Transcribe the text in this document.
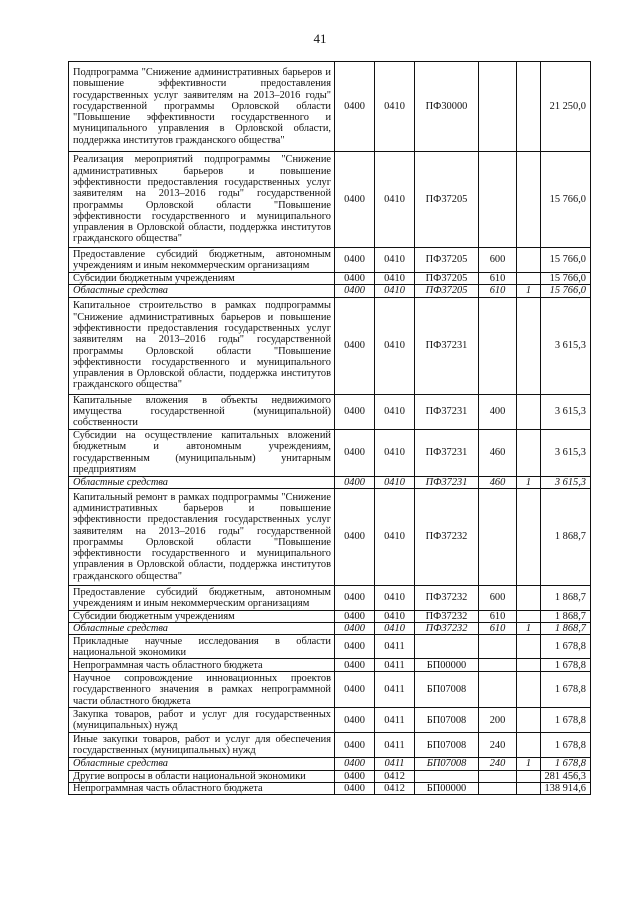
41
Подпрограмма "Снижение административных барьеров и повышение эффективности предоставления государственных услуг заявителям на 2013–2016 годы" государственной программы Орловской области "Повышение эффективности государственного и муниципального управления в Орловской области, поддержка институтов гражданского общества"	0400	0410	ПФ30000			21 250,0
Реализация мероприятий подпрограммы "Снижение административных барьеров и повышение эффективности предоставления государственных услуг заявителям на 2013–2016 годы" государственной программы Орловской области "Повышение эффективности государственного и муниципального управления в Орловской области, поддержка институтов гражданского общества"	0400	0410	ПФ37205			15 766,0
Предоставление субсидий бюджетным, автономным учреждениям и иным некоммерческим организациям	0400	0410	ПФ37205	600		15 766,0
Субсидии бюджетным учреждениям	0400	0410	ПФ37205	610		15 766,0
Областные средства	0400	0410	ПФ37205	610	1	15 766,0
Капитальное строительство в рамках подпрограммы "Снижение административных барьеров и повышение эффективности предоставления государственных услуг заявителям на 2013–2016 годы" государственной программы Орловской области "Повышение эффективности государственного и муниципального управления в Орловской области, поддержка институтов гражданского общества"	0400	0410	ПФ37231			3 615,3
Капитальные вложения в объекты недвижимого имущества государственной (муниципальной) собственности	0400	0410	ПФ37231	400		3 615,3
Субсидии на осуществление капитальных вложений бюджетным и автономным учреждениям, государственным (муниципальным) унитарным предприятиям	0400	0410	ПФ37231	460		3 615,3
Областные средства	0400	0410	ПФ37231	460	1	3 615,3
Капитальный ремонт в рамках подпрограммы "Снижение административных барьеров и повышение эффективности предоставления государственных услуг заявителям на 2013–2016 годы" государственной программы Орловской области "Повышение эффективности государственного и муниципального управления в Орловской области, поддержка институтов гражданского общества"	0400	0410	ПФ37232			1 868,7
Предоставление субсидий бюджетным, автономным учреждениям и иным некоммерческим организациям	0400	0410	ПФ37232	600		1 868,7
Субсидии бюджетным учреждениям	0400	0410	ПФ37232	610		1 868,7
Областные средства	0400	0410	ПФ37232	610	1	1 868,7
Прикладные научные исследования в области национальной экономики	0400	0411				1 678,8
Непрограммная часть областного бюджета	0400	0411	БП00000			1 678,8
Научное сопровождение инновационных проектов государственного значения в рамках непрограммной части областного бюджета	0400	0411	БП07008			1 678,8
Закупка товаров, работ и услуг для государственных (муниципальных) нужд	0400	0411	БП07008	200		1 678,8
Иные закупки товаров, работ и услуг для обеспечения государственных (муниципальных) нужд	0400	0411	БП07008	240		1 678,8
Областные средства	0400	0411	БП07008	240	1	1 678,8
Другие вопросы в области национальной экономики	0400	0412				281 456,3
Непрограммная часть областного бюджета	0400	0412	БП00000			138 914,6
